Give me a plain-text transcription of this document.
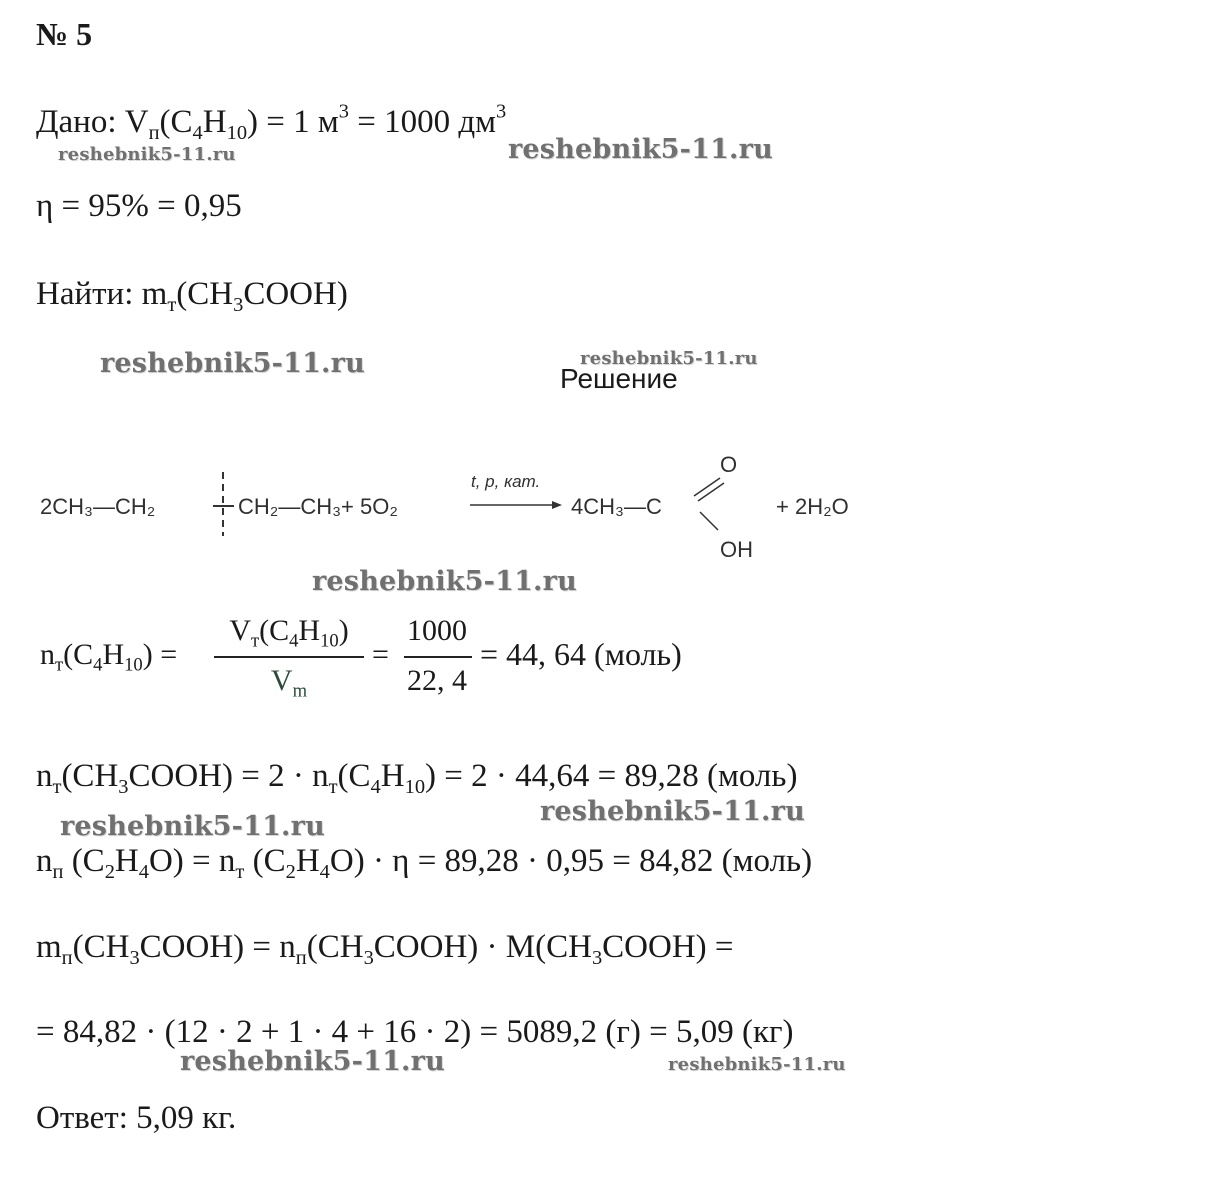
№ 5
Дано: $V_п(C_4H_{10}) = 1$ $м^3 = 1000$ $дм^3$
reshebnik5-11.ru	reshebnik5-11.ru
η = 95% = 0,95
Найти: $m_т(CH_3COOH)$
reshebnik5-11.ru	reshebnik5-11.ru
Решение
2CH₃—CH₂	CH₂—CH₃+ 5O₂
t, p, кат.
4CH₃—C
O
OH
+ 2H₂O
reshebnik5-11.ru
$n_т(C_4H_{10})$ =
$V_т(C_4H_{10})$
$V_m$
=
1000
22, 4
= 44, 64 (моль)
$n_т(CH_3COOH) = 2 \cdot n_т(C_4H_{10}) = 2 \cdot 44,64 = 89,28$ (моль)
reshebnik5-11.ru
reshebnik5-11.ru
$n_п$ $(C_2H_4O) = n_т$ $(C_2H_4O) \cdot \eta = 89,28 \cdot 0,95 = 84,82$ (моль)
$m_п(CH_3COOH)$ = $n_п(CH_3COOH)$ · $M(CH_3COOH)$ =
= 84,82 · (12 · 2 + 1 · 4 + 16 · 2) = 5089,2 (г) = 5,09 (кг)
reshebnik5-11.ru	reshebnik5-11.ru
Ответ: 5,09 кг.
